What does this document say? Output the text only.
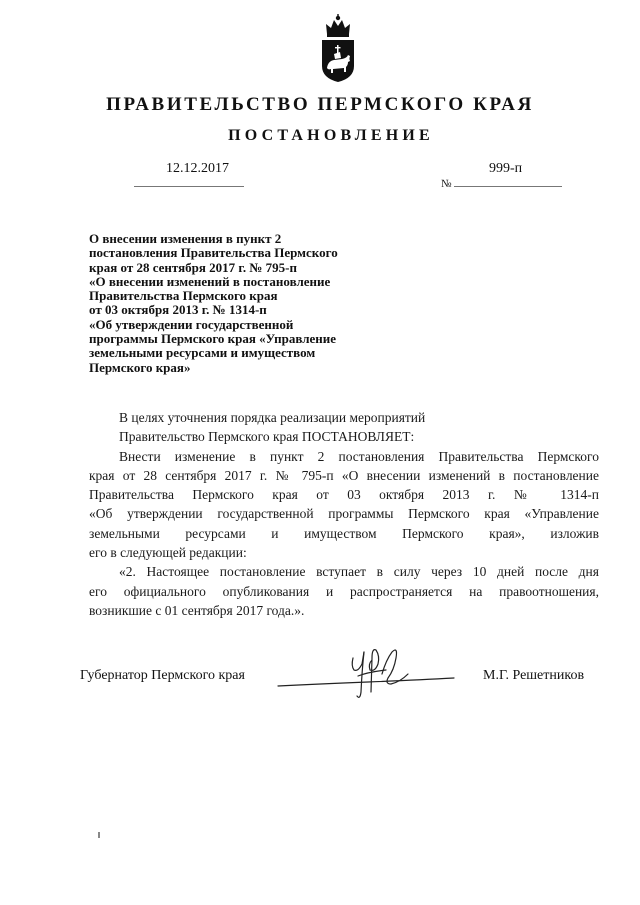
ПРАВИТЕЛЬСТВО ПЕРМСКОГО КРАЯ
ПОСТАНОВЛЕНИЕ
12.12.2017	999-п
№
О внесении изменения в пункт 2
постановления Правительства Пермского
края от 28 сентября 2017 г. № 795-п
«О внесении изменений в постановление
Правительства Пермского края
от 03 октября 2013 г. № 1314-п
«Об утверждении государственной
программы Пермского края «Управление
земельными ресурсами и имуществом
Пермского края»
В целях уточнения порядка реализации мероприятий
Правительство Пермского края ПОСТАНОВЛЯЕТ:
Внести изменение в пункт 2 постановления Правительства Пермского
края от 28 сентября 2017 г. № 795-п «О внесении изменений в постановление
Правительства Пермского края от 03 октября 2013 г. № 1314-п
«Об утверждении государственной программы Пермского края «Управление
земельными ресурсами и имуществом Пермского края», изложив
его в следующей редакции:
«2. Настоящее постановление вступает в силу через 10 дней после дня
его официального опубликования и распространяется на правоотношения,
возникшие с 01 сентября 2017 года.».
Губернатор Пермского края	М.Г. Решетников
